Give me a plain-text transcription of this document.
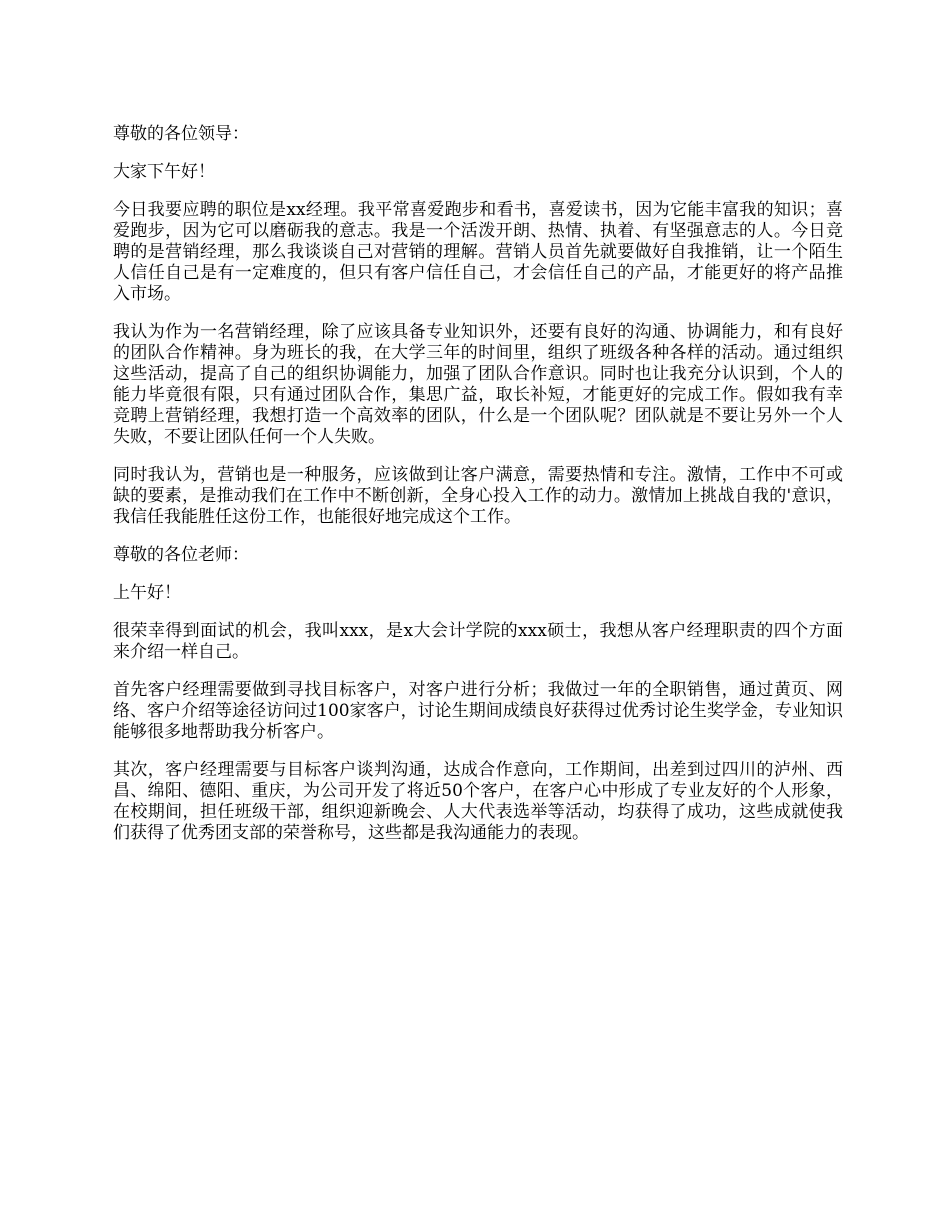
尊敬的各位领导：

大家下午好！

今日我要应聘的职位是xx经理。我平常喜爱跑步和看书，喜爱读书，因为它能丰富我的知识；喜爱跑步，因为它可以磨砺我的意志。我是一个活泼开朗、热情、执着、有坚强意志的人。今日竞聘的是营销经理，那么我谈谈自己对营销的理解。营销人员首先就要做好自我推销，让一个陌生人信任自己是有一定难度的，但只有客户信任自己，才会信任自己的产品，才能更好的将产品推入市场。

我认为作为一名营销经理，除了应该具备专业知识外，还要有良好的沟通、协调能力，和有良好的团队合作精神。身为班长的我，在大学三年的时间里，组织了班级各种各样的活动。通过组织这些活动，提高了自己的组织协调能力，加强了团队合作意识。同时也让我充分认识到，个人的能力毕竟很有限，只有通过团队合作，集思广益，取长补短，才能更好的完成工作。假如我有幸竞聘上营销经理，我想打造一个高效率的团队，什么是一个团队呢？团队就是不要让另外一个人失败，不要让团队任何一个人失败。

同时我认为，营销也是一种服务，应该做到让客户满意，需要热情和专注。激情，工作中不可或缺的要素，是推动我们在工作中不断创新，全身心投入工作的动力。激情加上挑战自我的'意识，我信任我能胜任这份工作，也能很好地完成这个工作。

尊敬的各位老师：

上午好！

很荣幸得到面试的机会，我叫xxx，是x大会计学院的xxx硕士，我想从客户经理职责的四个方面来介绍一样自己。

首先客户经理需要做到寻找目标客户，对客户进行分析；我做过一年的全职销售，通过黄页、网络、客户介绍等途径访问过100家客户，讨论生期间成绩良好获得过优秀讨论生奖学金，专业知识能够很多地帮助我分析客户。

其次，客户经理需要与目标客户谈判沟通，达成合作意向，工作期间，出差到过四川的泸州、西昌、绵阳、德阳、重庆，为公司开发了将近50个客户，在客户心中形成了专业友好的个人形象，在校期间，担任班级干部，组织迎新晚会、人大代表选举等活动，均获得了成功，这些成就使我们获得了优秀团支部的荣誉称号，这些都是我沟通能力的表现。
